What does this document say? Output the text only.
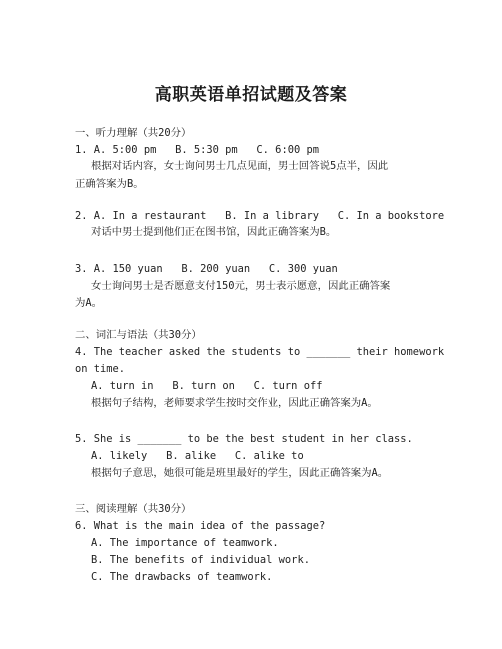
高职英语单招试题及答案
一、听力理解（共20分）
1. A. 5:00 pm   B. 5:30 pm   C. 6:00 pm
根据对话内容，女士询问男士几点见面，男士回答说5点半，因此
正确答案为B。
2. A. In a restaurant   B. In a library   C. In a bookstore
对话中男士提到他们正在图书馆，因此正确答案为B。
3. A. 150 yuan   B. 200 yuan   C. 300 yuan
女士询问男士是否愿意支付150元，男士表示愿意，因此正确答案
为A。
二、词汇与语法（共30分）
4. The teacher asked the students to _______ their homework
on time.
A. turn in   B. turn on   C. turn off
根据句子结构，老师要求学生按时交作业，因此正确答案为A。
5. She is _______ to be the best student in her class.
A. likely   B. alike   C. alike to
根据句子意思，她很可能是班里最好的学生，因此正确答案为A。
三、阅读理解（共30分）
6. What is the main idea of the passage?
A. The importance of teamwork.
B. The benefits of individual work.
C. The drawbacks of teamwork.
